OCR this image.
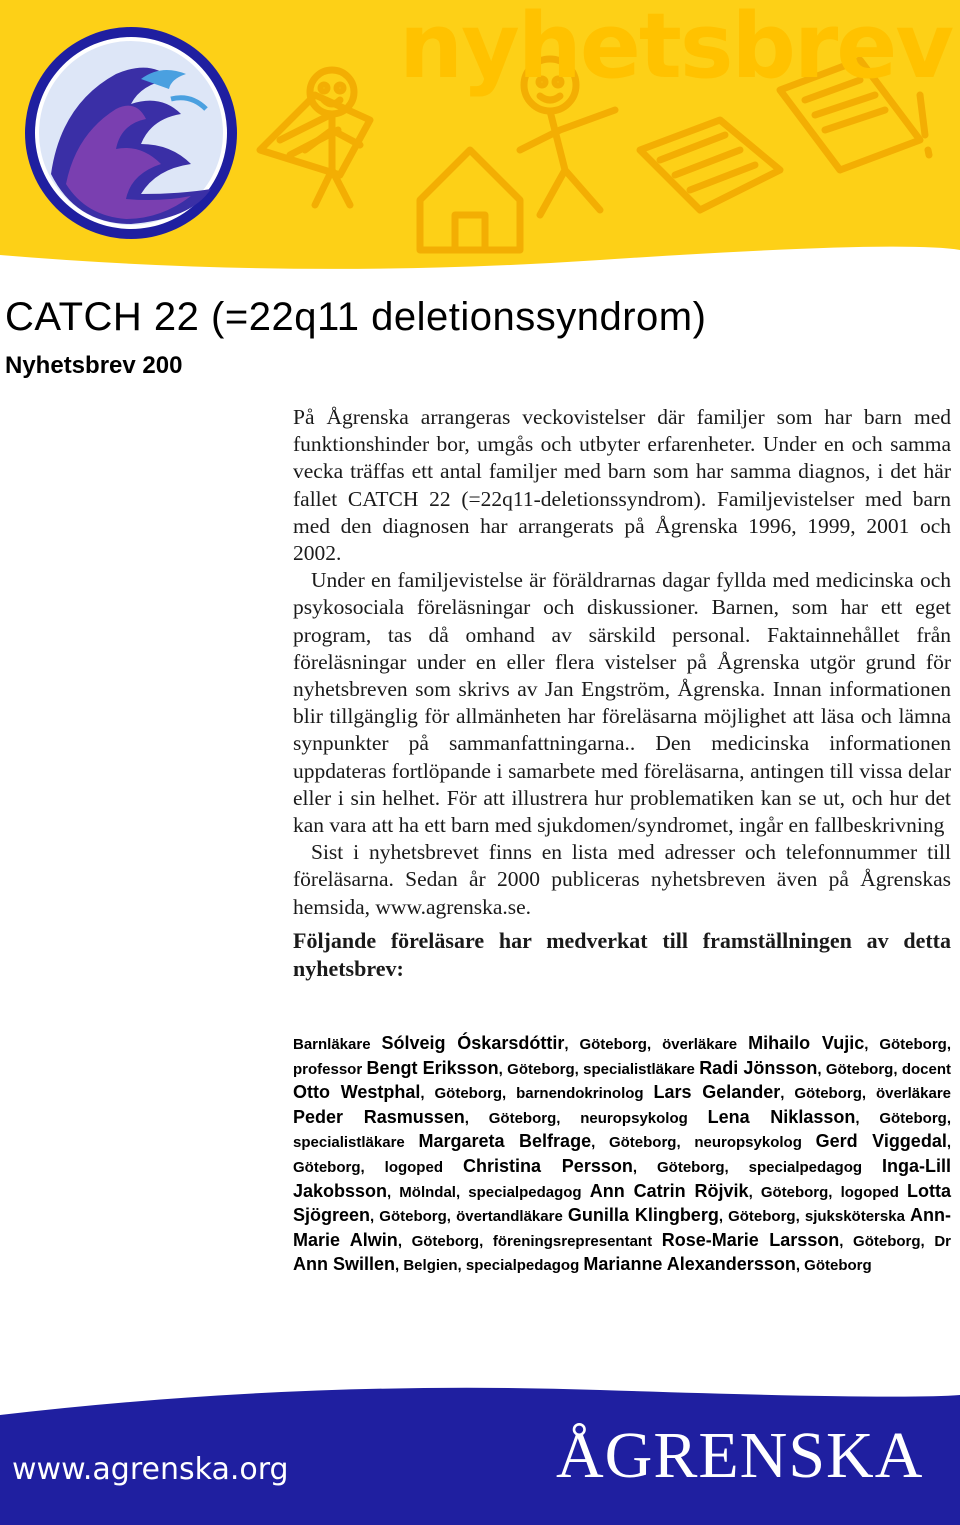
nyhetsbrev
CATCH 22 (=22q11 deletionssyndrom)
Nyhetsbrev 200

På Ågrenska arrangeras veckovistelser där familjer som har barn med funktionshinder bor, umgås och utbyter erfarenheter. Under en och samma vecka träffas ett antal familjer med barn som har samma diagnos, i det här fallet CATCH 22 (=22q11-deletionssyndrom). Familjevistelser med barn med den diagnosen har arrangerats på Ågrenska 1996, 1999, 2001 och 2002.

Under en familjevistelse är föräldrarnas dagar fyllda med medicinska och psykosociala föreläsningar och diskussioner. Barnen, som har ett eget program, tas då omhand av särskild personal. Faktainnehållet från föreläsningar under en eller flera vistelser på Ågrenska utgör grund för nyhetsbreven som skrivs av Jan Engström, Ågrenska. Innan informationen blir tillgänglig för allmänheten har föreläsarna möjlighet att läsa och lämna synpunkter på sammanfattningarna.. Den medicinska informationen uppdateras fortlöpande i samarbete med föreläsarna, antingen till vissa delar eller i sin helhet. För att illustrera hur problematiken kan se ut, och hur det kan vara att ha ett barn med sjukdomen/syndromet, ingår en fallbeskrivning

Sist i nyhetsbrevet finns en lista med adresser och telefonnummer till föreläsarna. Sedan år 2000 publiceras nyhetsbreven även på Ågrenskas hemsida, www.agrenska.se.

Följande föreläsare har medverkat till framställningen av detta nyhetsbrev:

Barnläkare Sólveig Óskarsdóttir, Göteborg, överläkare Mihailo Vujic, Göteborg, professor Bengt Eriksson, Göteborg, specialistläkare Radi Jönsson, Göteborg, docent Otto Westphal, Göteborg, barnendokrinolog Lars Gelander, Göteborg, överläkare Peder Rasmussen, Göteborg, neuropsykolog Lena Niklasson, Göteborg, specialistläkare Margareta Belfrage, Göteborg, neuropsykolog Gerd Viggedal, Göteborg, logoped Christina Persson, Göteborg, specialpedagog Inga-Lill Jakobsson, Mölndal, specialpedagog Ann Catrin Röjvik, Göteborg, logoped Lotta Sjögreen, Göteborg, övertandläkare Gunilla Klingberg, Göteborg, sjuksköterska Ann-Marie Alwin, Göteborg, föreningsrepresentant Rose-Marie Larsson, Göteborg, Dr Ann Swillen, Belgien, specialpedagog Marianne Alexandersson, Göteborg
www.agrenska.org	ÅGRENSKA
